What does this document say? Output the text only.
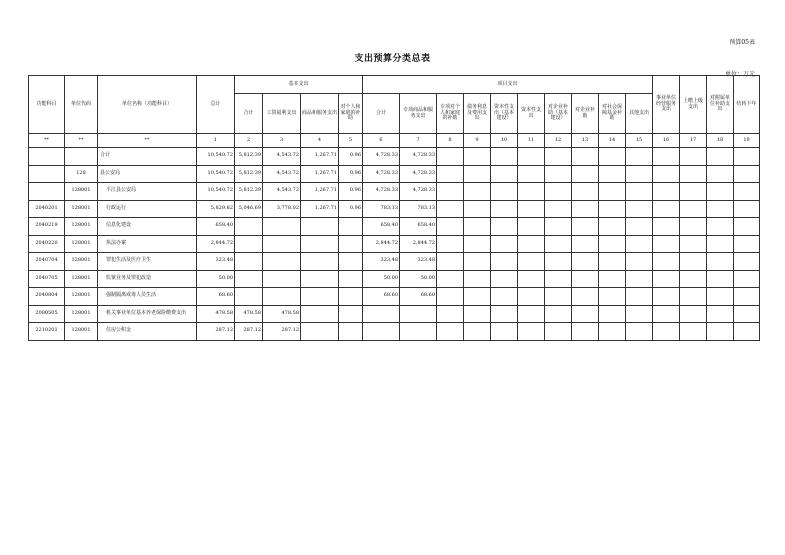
预算05表
支出预算分类总表
单位：万元
功能科目	单位代码	单位名称（功能科目）	总计	基本支出				项目支出										事业单位经营服务支出	上缴上级支出	对附属单位补助支出	结转下年
				合计	工资福利支出	商品和服务支出	对个人和家庭的补助	合计	专项商品和服务支出	专项对个人和家庭的补助	债务利息及费用支出	资本性支出（基本建设）	资本性支出	对企业补助（基本建设）	对企业补助	对社会保障基金补助	其他支出				
**	**	**	1	2	3	4	5	6	7	8	9	10	11	12	13	14	15	16	17	18	19
		合计	10,540.72	5,812.39	4,543.72	1,267.71	0.96	4,728.33	4,728.33												
	128	县公安局	10,540.72	5,812.39	4,543.72	1,267.71	0.96	4,728.33	4,728.33												
	128001	平江县公安局	10,540.72	5,812.39	4,543.72	1,267.71	0.96	4,728.33	4,728.33												
2040201	128001	行政运行	5,829.82	5,046.69	3,778.02	1,267.71	0.96	783.13	783.13												
2040219	128001	信息化建设	658.40					658.40	658.40												
2040220	128001	执法办案	2,844.72					2,844.72	2,844.72												
2040704	128001	罪犯生活及医疗卫生	323.48					323.48	323.48												
2040705	128001	监狱业务及罪犯改造	50.00					50.00	50.00												
2040804	128001	强制隔离戒毒人员生活	68.60					68.60	68.60												
2080505	128001	机关事业单位基本养老保险缴费支出	478.58	478.58	478.58																
2210201	128001	住房公积金	287.12	287.12	287.12																
